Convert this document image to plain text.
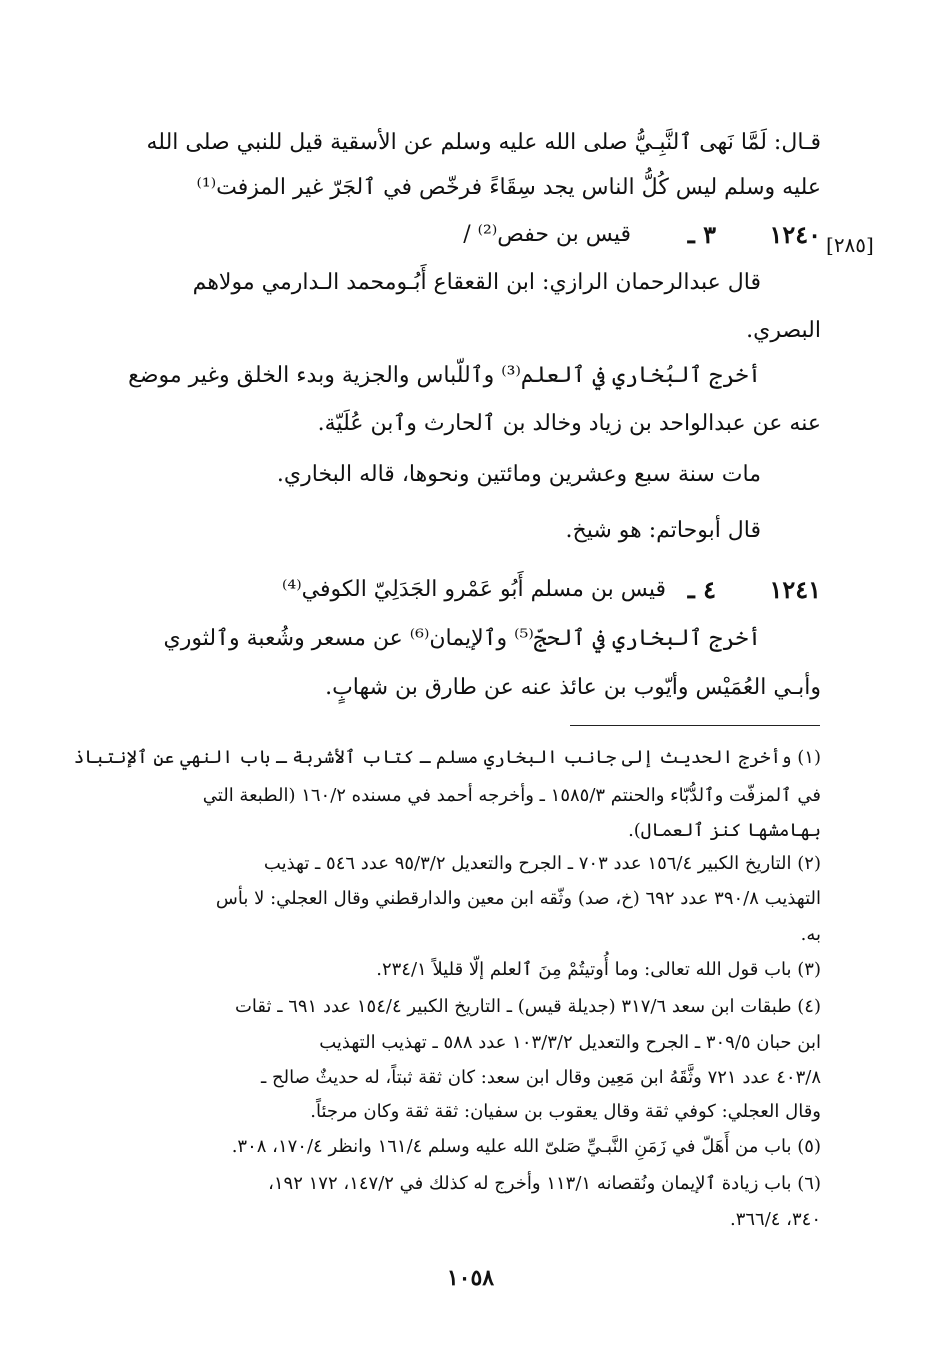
قـال: لَمَّا نَهى ٱلنَّبِـيُّ صلى الله عليه وسلم عن الأسقية قيل للنبي صلى الله
عليه وسلم ليس كُلُّ الناس يجد سِقَاءً فرخّص في ٱلجَرّ غير المزفت⁽¹⁾
[٢٨٥]
١٢٤٠
٣ ـ
قيس بن حفص⁽²⁾ /
قال عبدالرحمان الرازي: ابن القعقاع أَبُـومحمد الـدارمي مولاهم
البصري.
أخرج ٱلبُخاري في ٱلعلم⁽³⁾ وٱللّباس والجزية وبدء الخلق وغير موضع
عنه عن عبدالواحد بن زياد وخالد بن ٱلحارث وٱبن عُلَيّة.
مات سنة سبع وعشرين ومائتين ونحوها، قاله البخاري.
قال أبوحاتم: هو شيخ.
١٢٤١
٤ ـ
قيس بن مسلم أَبُو عَمْرو الجَدَلِيّ الكوفي⁽⁴⁾
أخرج ٱلبخاري في ٱلحجّ⁽⁵⁾ وٱلإيمان⁽⁶⁾ عن مسعر وشُعبة وٱلثوري
وأبـي العُمَيْس وأيّوب بن عائذ عنه عن طارق بن شهابٍ.
(١) وأخرج الحديث إلى جانب البخاري مسلم ـ كتاب ٱلأشربة ـ باب النهي عن ٱلإنتباذ
في ٱلمزفّت وٱلدُّبّاء والحنتم ١٥٨٥/٣ ـ وأخرجه أحمد في مسنده ١٦٠/٢ (الطبعة التي
بهامشها كنز ٱلعمال).
(٢) التاريخ الكبير ١٥٦/٤ عدد ٧٠٣ ـ الجرح والتعديل ٩٥/٣/٢ عدد ٥٤٦ ـ تهذيب
التهذيب ٣٩٠/٨ عدد ٦٩٢ (خ، صد) وثّقه ابن معين والدارقطني وقال العجلي: لا بأس
به.
(٣) باب قول الله تعالى: وما أُوتيتُمْ مِنَ ٱلعلم إلّا قليلاً ٢٣٤/١.
(٤) طبقات ابن سعد ٣١٧/٦ (جديلة قيس) ـ التاريخ الكبير ١٥٤/٤ عدد ٦٩١ ـ ثقات
ابن حبان ٣٠٩/٥ ـ الجرح والتعديل ١٠٣/٣/٢ عدد ٥٨٨ ـ تهذيب التهذيب
٤٠٣/٨ عدد ٧٢١ وثَّقَهُ ابن مَعِين وقال ابن سعد: كان ثقة ثبتاً، له حديثٌ صالح ـ
وقال العجلي: كوفي ثقة وقال يعقوب بن سفيان: ثقة ثقة وكان مرجئاً.
(٥) باب من أَهَلّ في زَمَنِ النَّبـيِّ صَلىّ الله عليه وسلم ١٦١/٤ وانظر ١٧٠/٤، ٣٠٨.
(٦) باب زيادة ٱلإيمان ونُقصانه ١١٣/١ وأخرج له كذلك في ١٤٧/٢، ١٧٢ ١٩٢،
٣٤٠، ٣٦٦/٤.
١٠٥٨
